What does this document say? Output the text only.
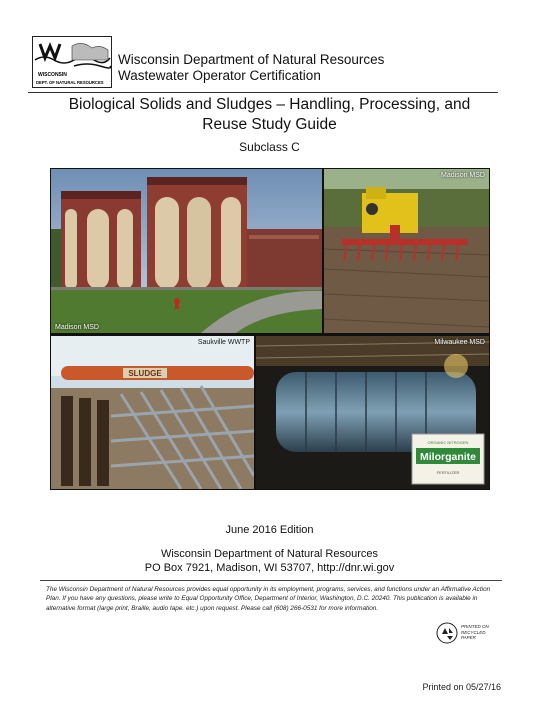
WISCONSIN
DEPT. OF NATURAL RESOURCES
Wisconsin Department of Natural Resources
Wastewater Operator Certification
Biological Solids and Sludges – Handling, Processing, and
Reuse Study Guide
Subclass C
Madison MSD
Madison MSD
SLUDGE
Saukville WWTP
ORGANIC NITROGEN
Milorganite
FERTILIZER
Milwaukee MSD
June 2016 Edition
Wisconsin Department of Natural Resources
PO Box 7921, Madison, WI 53707, http://dnr.wi.gov
The Wisconsin Department of Natural Resources provides equal opportunity in its employment, programs, services, and functions under an Affirmative Action Plan. If you have any questions, please write to Equal Opportunity Office, Department of Interior, Washington, D.C. 20240. This publication is available in alternative format (large print, Braille, audio tape. etc.) upon request. Please call (608) 266-0531 for more information.
PRINTED ON RECYCLED PAPER
Printed on 05/27/16
